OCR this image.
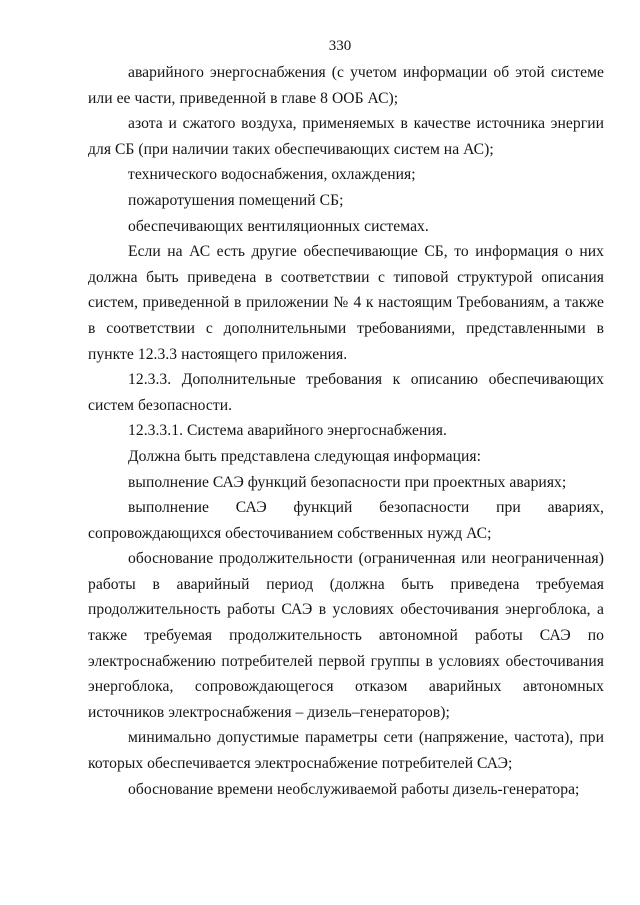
330

аварийного энергоснабжения (с учетом информации об этой системе или ее части, приведенной в главе 8 ООБ АС);

азота и сжатого воздуха, применяемых в качестве источника энергии для СБ (при наличии таких обеспечивающих систем на АС);

технического водоснабжения, охлаждения;

пожаротушения помещений СБ;

обеспечивающих вентиляционных системах.

Если на АС есть другие обеспечивающие СБ, то информация о них должна быть приведена в соответствии с типовой структурой описания систем, приведенной в приложении № 4 к настоящим Требованиям, а также в соответствии с дополнительными требованиями, представленными в пункте 12.3.3 настоящего приложения.

12.3.3. Дополнительные требования к описанию обеспечивающих систем безопасности.

12.3.3.1. Система аварийного энергоснабжения.

Должна быть представлена следующая информация:

выполнение САЭ функций безопасности при проектных авариях;

выполнение САЭ функций безопасности при авариях, сопровождающихся обесточиванием собственных нужд АС;

обоснование продолжительности (ограниченная или неограниченная) работы в аварийный период (должна быть приведена требуемая продолжительность работы САЭ в условиях обесточивания энергоблока, а также требуемая продолжительность автономной работы САЭ по электроснабжению потребителей первой группы в условиях обесточивания энергоблока, сопровождающегося отказом аварийных автономных источников электроснабжения – дизель–генераторов);

минимально допустимые параметры сети (напряжение, частота), при которых обеспечивается электроснабжение потребителей САЭ;

обоснование времени необслуживаемой работы дизель-генератора;
